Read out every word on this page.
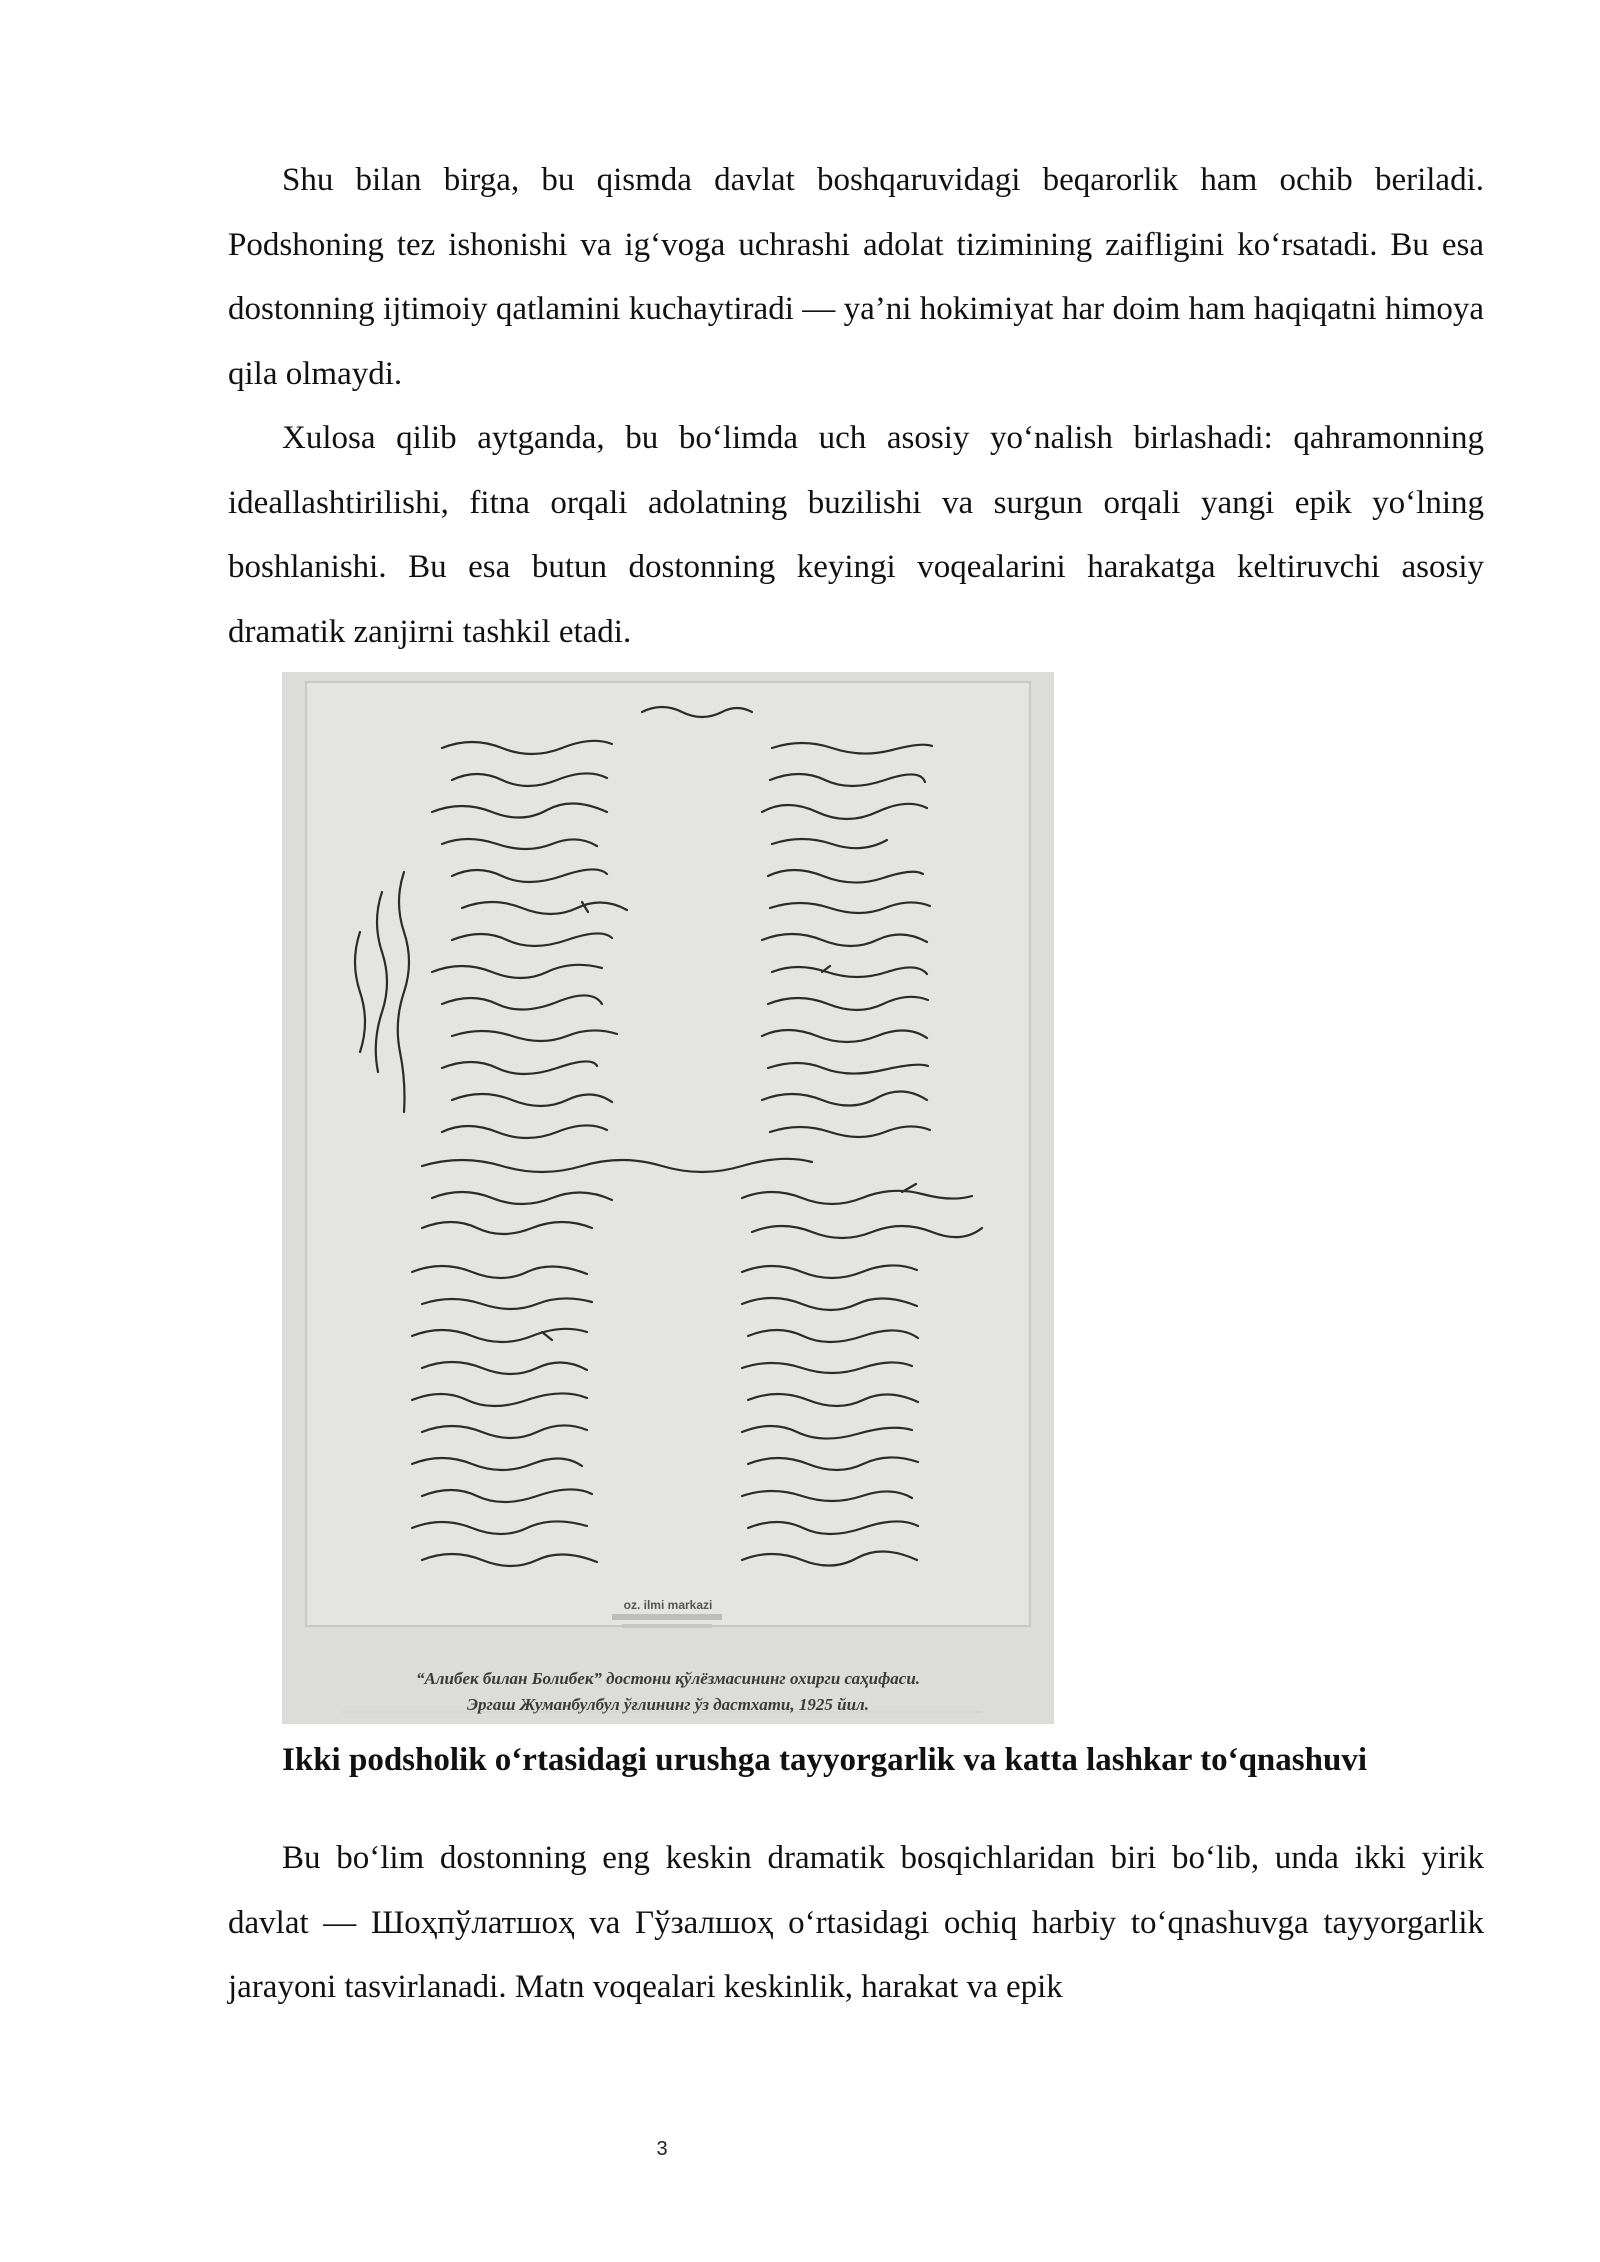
Shu bilan birga, bu qismda davlat boshqaruvidagi beqarorlik ham ochib beriladi. Podshoning tez ishonishi va ig‘voga uchrashi adolat tizimining zaifligini ko‘rsatadi. Bu esa dostonning ijtimoiy qatlamini kuchaytiradi — ya’ni hokimiyat har doim ham haqiqatni himoya qila olmaydi.

Xulosa qilib aytganda, bu bo‘limda uch asosiy yo‘nalish birlashadi: qahramonning ideallashtirilishi, fitna orqali adolatning buzilishi va surgun orqali yangi epik yo‘lning boshlanishi. Bu esa butun dostonning keyingi voqealarini harakatga keltiruvchi asosiy dramatik zanjirni tashkil etadi.

oz. ilmi markazi
“Алибек билан Болибек” достони қўлёзмасининг охирги саҳифаси.
Эргаш Жуманбулбул ўғлининг ўз дастхати, 1925 йил.
Ikki podsholik o‘rtasidagi urushga tayyorgarlik va katta lashkar to‘qnashuvi

Bu bo‘lim dostonning eng keskin dramatik bosqichlaridan biri bo‘lib, unda ikki yirik davlat — Шоҳпўлатшоҳ va Гўзалшоҳ o‘rtasidagi ochiq harbiy to‘qnashuvga tayyorgarlik jarayoni tasvirlanadi. Matn voqealari keskinlik, harakat va epik

3
